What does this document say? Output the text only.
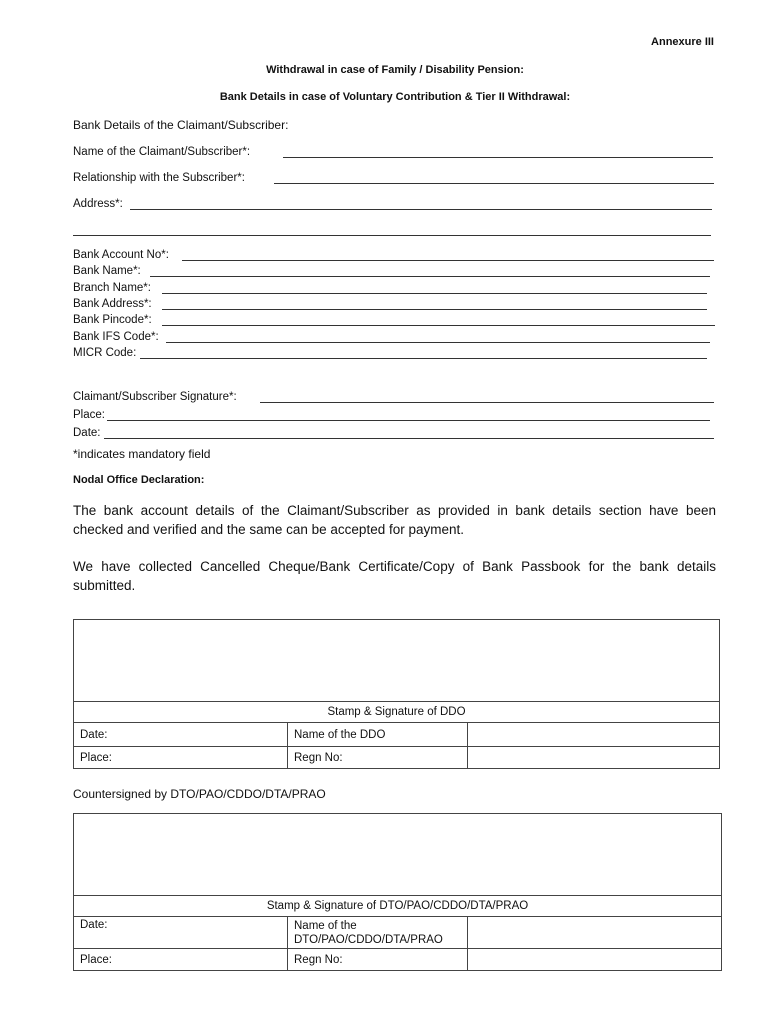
Annexure III
Withdrawal in case of Family / Disability Pension:
Bank Details in case of Voluntary Contribution & Tier II Withdrawal:
Bank Details of the Claimant/Subscriber:
Name of the Claimant/Subscriber*:
Relationship with the Subscriber*:
Address*:
Bank Account No*:
Bank Name*:
Branch Name*:
Bank Address*:
Bank Pincode*:
Bank IFS Code*:
MICR Code:
Claimant/Subscriber Signature*:
Place:
Date:
*indicates mandatory field
Nodal Office Declaration:
The bank account details of the Claimant/Subscriber as provided in bank details section have been checked and verified and the same can be accepted for payment.
We have collected Cancelled Cheque/Bank Certificate/Copy of Bank Passbook for the bank details submitted.

Stamp & Signature of DDO		
Date:	Name of the DDO	
Place:	Regn No:	
Countersigned by DTO/PAO/CDDO/DTA/PRAO

Stamp & Signature of DTO/PAO/CDDO/DTA/PRAO		
Date:	Name of the
DTO/PAO/CDDO/DTA/PRAO	

Place:	Regn No:	
